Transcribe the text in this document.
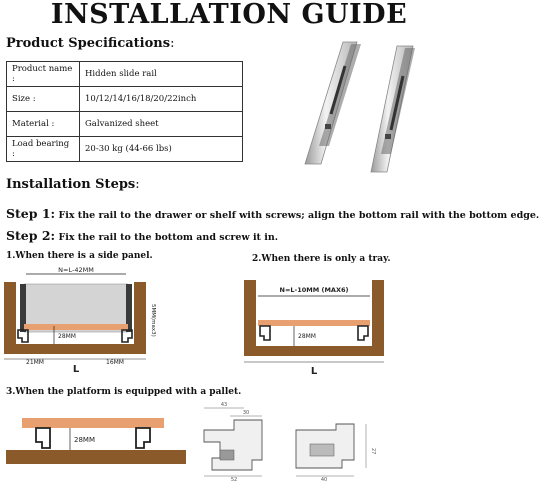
INSTALLATION GUIDE
Product Specifications:
Product name :	Hidden slide rail
Size :	10/12/14/16/18/20/22inch
Material :	Galvanized sheet
Load bearing :	20-30 kg (44-66 lbs)
Installation Steps:
Step 1: Fix the rail to the drawer or shelf with screws; align the bottom rail with the bottom edge.
Step 2: Fix the rail to the bottom and screw it in.
1.When there is a side panel.	2.When there is only a tray.
3.When the platform is equipped with a pallet.
N=L-42MM
28MM	5MM(max3)
21MM	16MM
L
N=L-10MM (MAX6)
28MM
L
28MM
43
30
52
27
40
